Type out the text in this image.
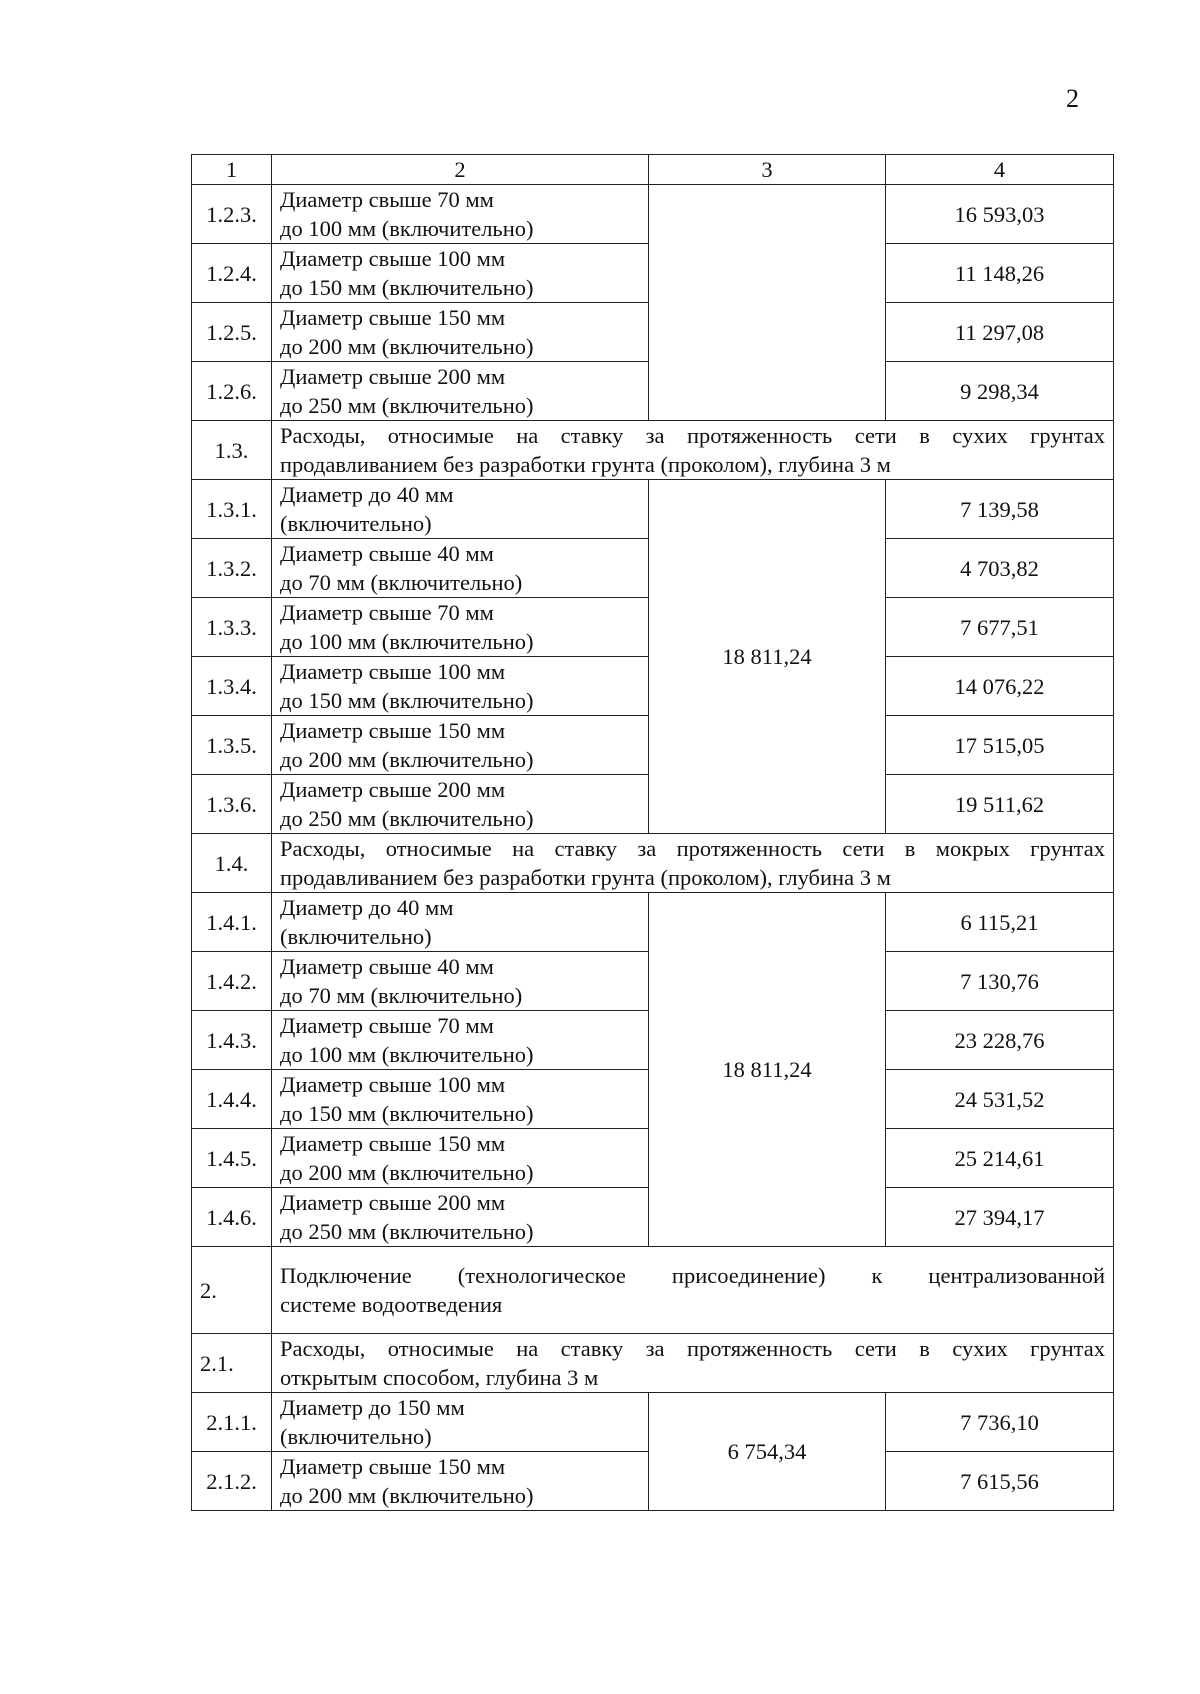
2
1	2	3	4
1.2.3.	Диаметр свыше 70 мм
до 100 мм (включительно)		16 593,03
1.2.4.	Диаметр свыше 100 мм
до 150 мм (включительно)		11 148,26
1.2.5.	Диаметр свыше 150 мм
до 200 мм (включительно)		11 297,08
1.2.6.	Диаметр свыше 200 мм
до 250 мм (включительно)		9 298,34
1.3.	Расходы, относимые на ставку за протяженность сети в сухих грунтах
продавливанием без разработки грунта (проколом), глубина 3 м		

1.3.1.	Диаметр до 40 мм
(включительно)	18 811,24	7 139,58
1.3.2.	Диаметр свыше 40 мм
до 70 мм (включительно)		4 703,82
1.3.3.	Диаметр свыше 70 мм
до 100 мм (включительно)		7 677,51
1.3.4.	Диаметр свыше 100 мм
до 150 мм (включительно)		14 076,22
1.3.5.	Диаметр свыше 150 мм
до 200 мм (включительно)		17 515,05
1.3.6.	Диаметр свыше 200 мм
до 250 мм (включительно)		19 511,62
1.4.	Расходы, относимые на ставку за протяженность сети в мокрых грунтах
продавливанием без разработки грунта (проколом), глубина 3 м		

1.4.1.	Диаметр до 40 мм
(включительно)	18 811,24	6 115,21
1.4.2.	Диаметр свыше 40 мм
до 70 мм (включительно)		7 130,76
1.4.3.	Диаметр свыше 70 мм
до 100 мм (включительно)		23 228,76
1.4.4.	Диаметр свыше 100 мм
до 150 мм (включительно)		24 531,52
1.4.5.	Диаметр свыше 150 мм
до 200 мм (включительно)		25 214,61
1.4.6.	Диаметр свыше 200 мм
до 250 мм (включительно)		27 394,17
2.	Подключение (технологическое присоединение) к централизованной
системе водоотведения		

2.1.	Расходы, относимые на ставку за протяженность сети в сухих грунтах
открытым способом, глубина 3 м		

2.1.1.	Диаметр до 150 мм
(включительно)	6 754,34	7 736,10
2.1.2.	Диаметр свыше 150 мм
до 200 мм (включительно)		7 615,56
